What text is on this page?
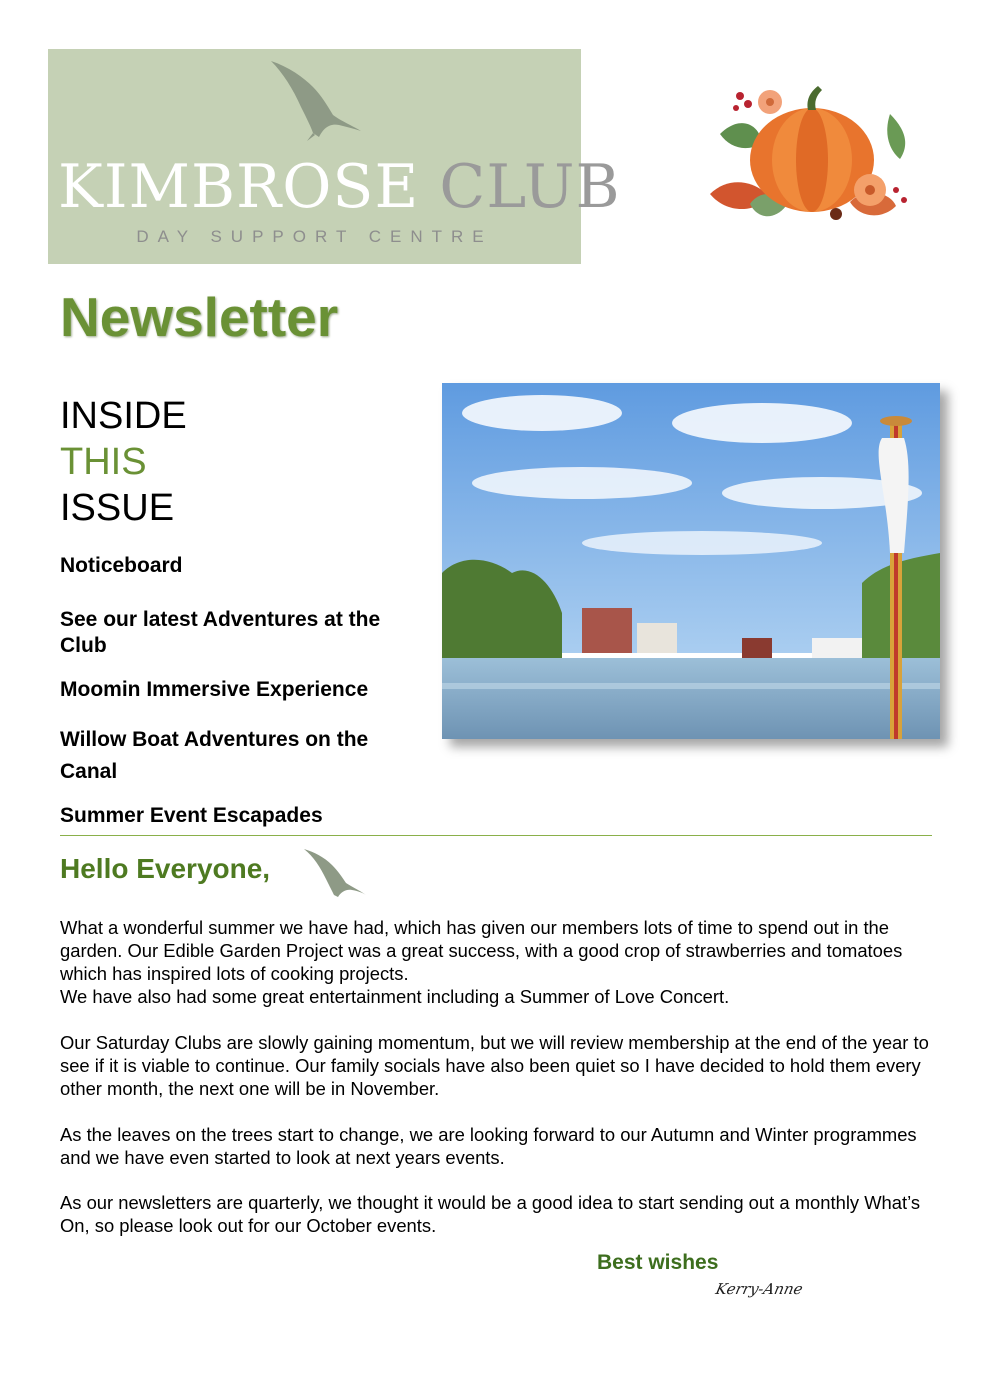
KIMBROSE CLUB
DAY SUPPORT CENTRE
Newsletter
INSIDE
THIS
ISSUE
Noticeboard
See our latest Adventures at the Club
Moomin Immersive Experience
Willow Boat Adventures on the Canal
Summer Event Escapades
Hello Everyone,

What a wonderful summer we have had, which has given our members lots of time to spend out in the garden. Our Edible Garden Project was a great success, with a good crop of strawberries and tomatoes which has inspired lots of cooking projects.

We have also had some great entertainment including a Summer of Love Concert.

Our Saturday Clubs are slowly gaining momentum, but we will review membership at the end of the year to see if it is viable to continue. Our family socials have also been quiet so I have decided to hold them every other month, the next one will be in November.

As the leaves on the trees start to change, we are looking forward to our Autumn and Winter programmes and we have even started to look at next years events.

As our newsletters are quarterly, we thought it would be a good idea to start sending out a monthly What’s On, so please look out for our October events.

Best wishes
Kerry-Anne
